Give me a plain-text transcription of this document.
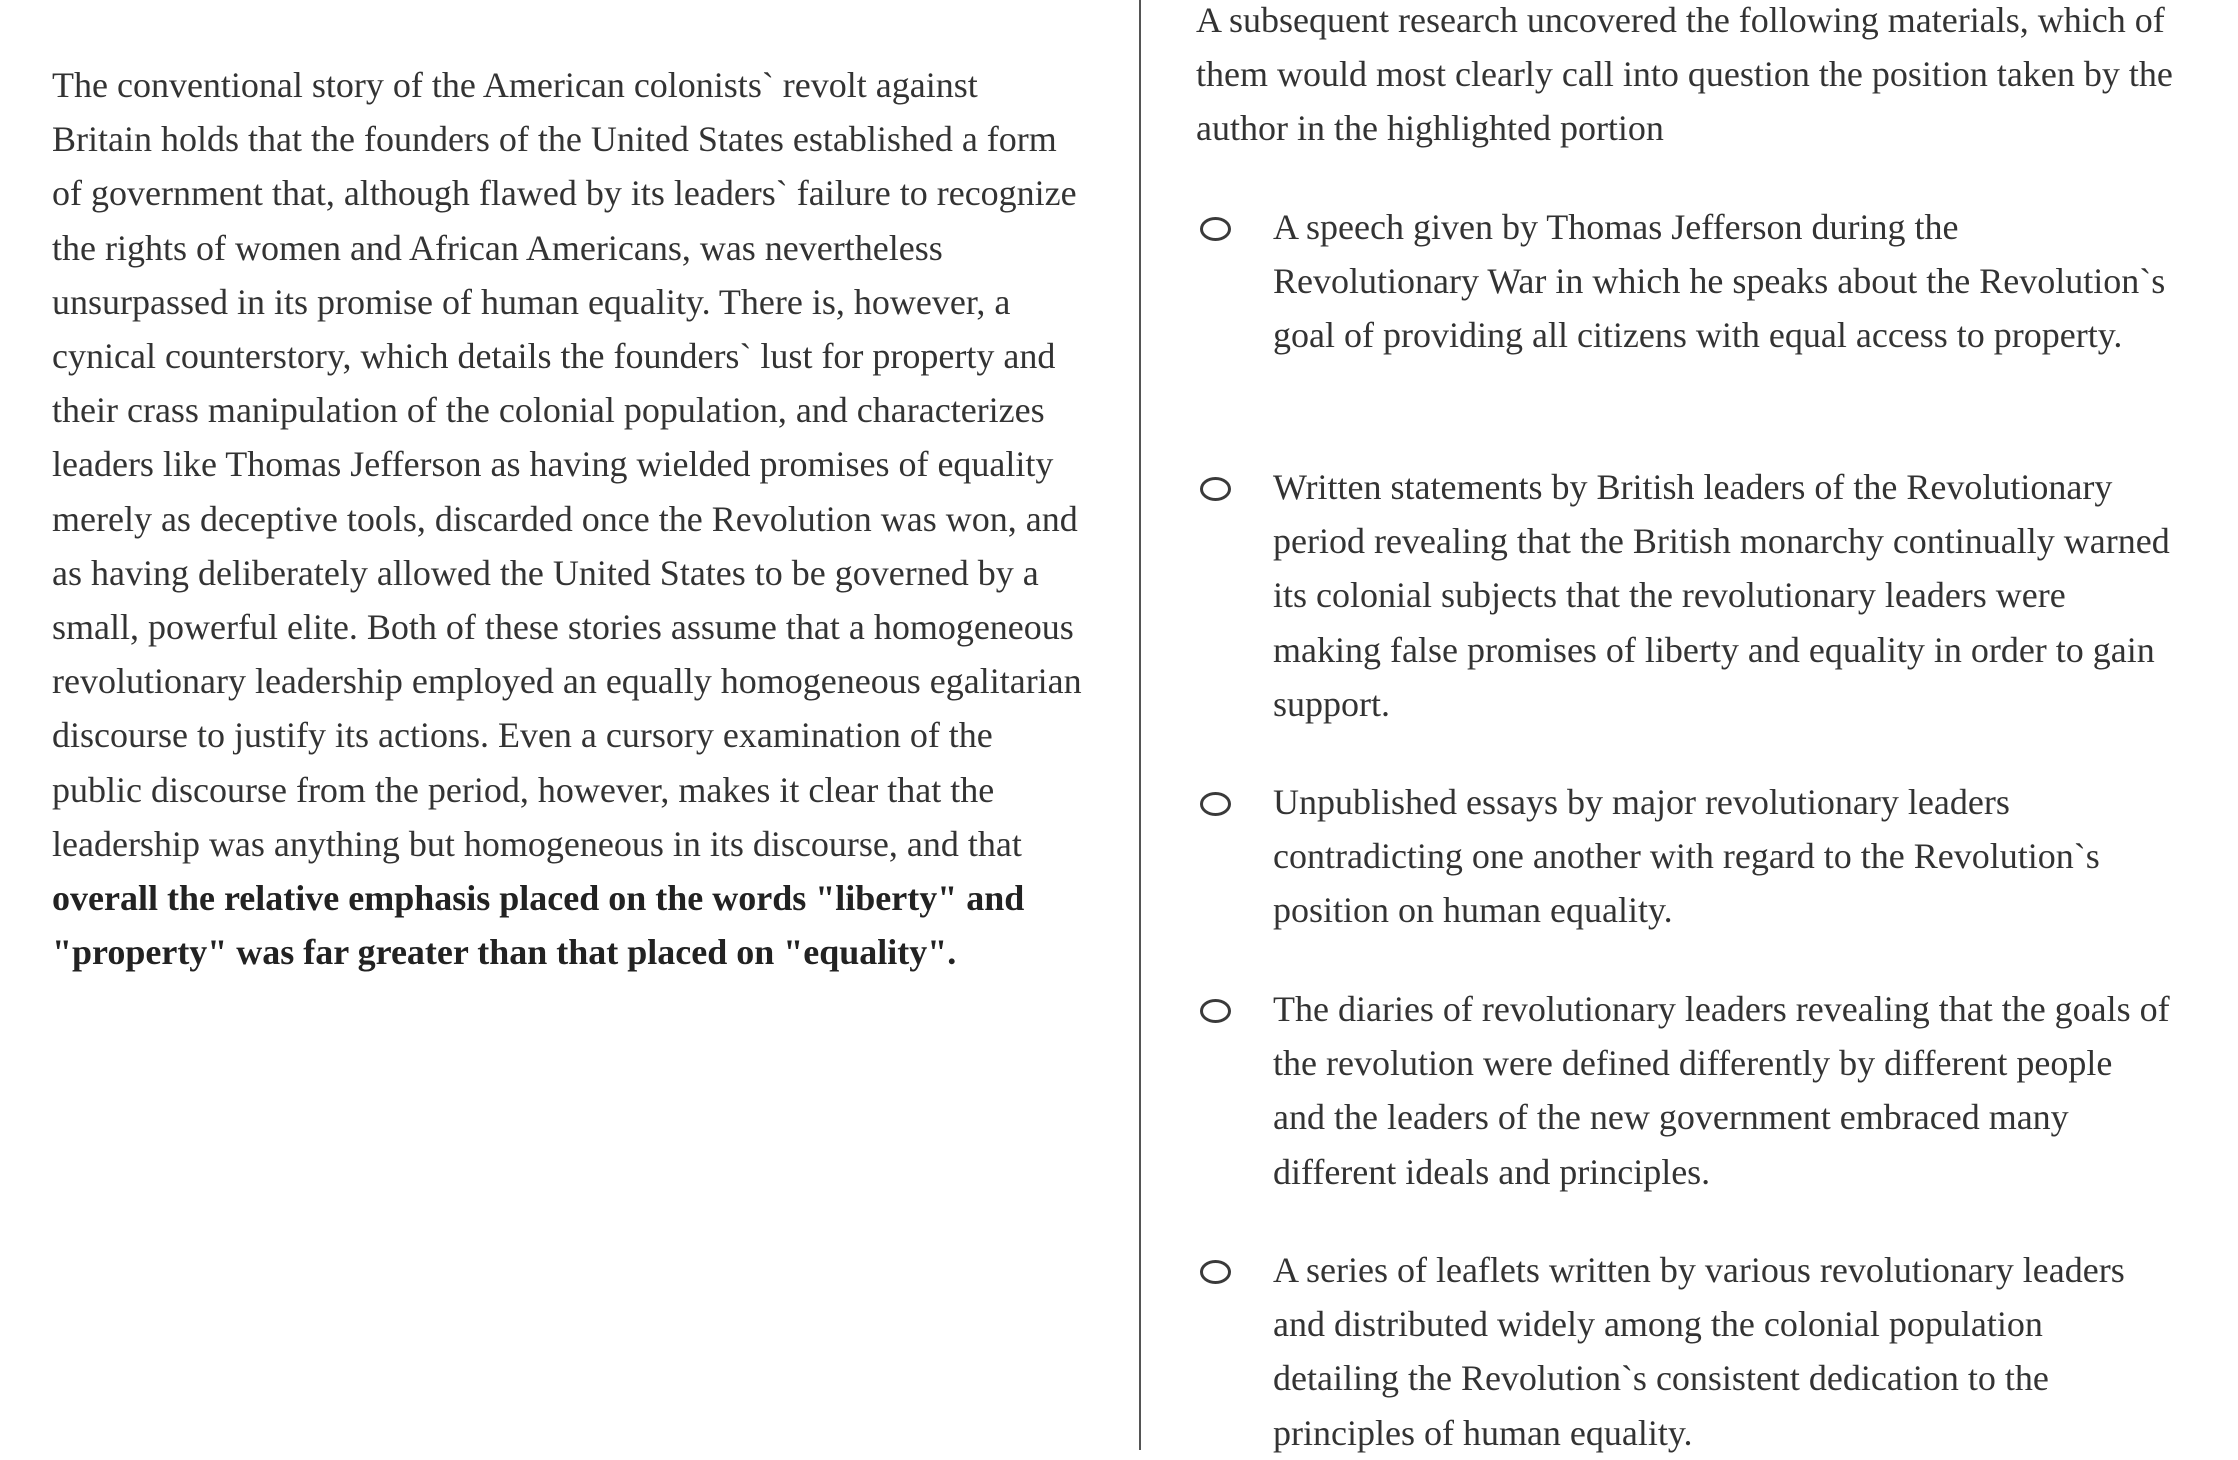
The conventional story of the American colonists` revolt against Britain holds that the founders of the United States established a form of government that, although flawed by its leaders` failure to recognize the rights of women and African Americans, was nevertheless unsurpassed in its promise of human equality. There is, however, a cynical counterstory, which details the founders` lust for property and their crass manipulation of the colonial population, and characterizes leaders like Thomas Jefferson as having wielded promises of equality merely as deceptive tools, discarded once the Revolution was won, and as having deliberately allowed the United States to be governed by a small, powerful elite. Both of these stories assume that a homogeneous revolutionary leadership employed an equally homogeneous egalitarian discourse to justify its actions. Even a cursory examination of the public discourse from the period, however, makes it clear that the leadership was anything but homogeneous in its discourse, and that overall the relative emphasis placed on the words "liberty" and "property" was far greater than that placed on "equality".
A subsequent research uncovered the following materials, which of them would most clearly call into question the position taken by the author in the highlighted portion
A speech given by Thomas Jefferson during the Revolutionary War in which he speaks about the Revolution`s goal of providing all citizens with equal access to property.
Written statements by British leaders of the Revolutionary period revealing that the British monarchy continually warned its colonial subjects that the revolutionary leaders were making false promises of liberty and equality in order to gain support.
Unpublished essays by major revolutionary leaders contradicting one another with regard to the Revolution`s position on human equality.
The diaries of revolutionary leaders revealing that the goals of the revolution were defined differently by different people and the leaders of the new government embraced many different ideals and principles.
A series of leaflets written by various revolutionary leaders and distributed widely among the colonial population detailing the Revolution`s consistent dedication to the principles of human equality.
